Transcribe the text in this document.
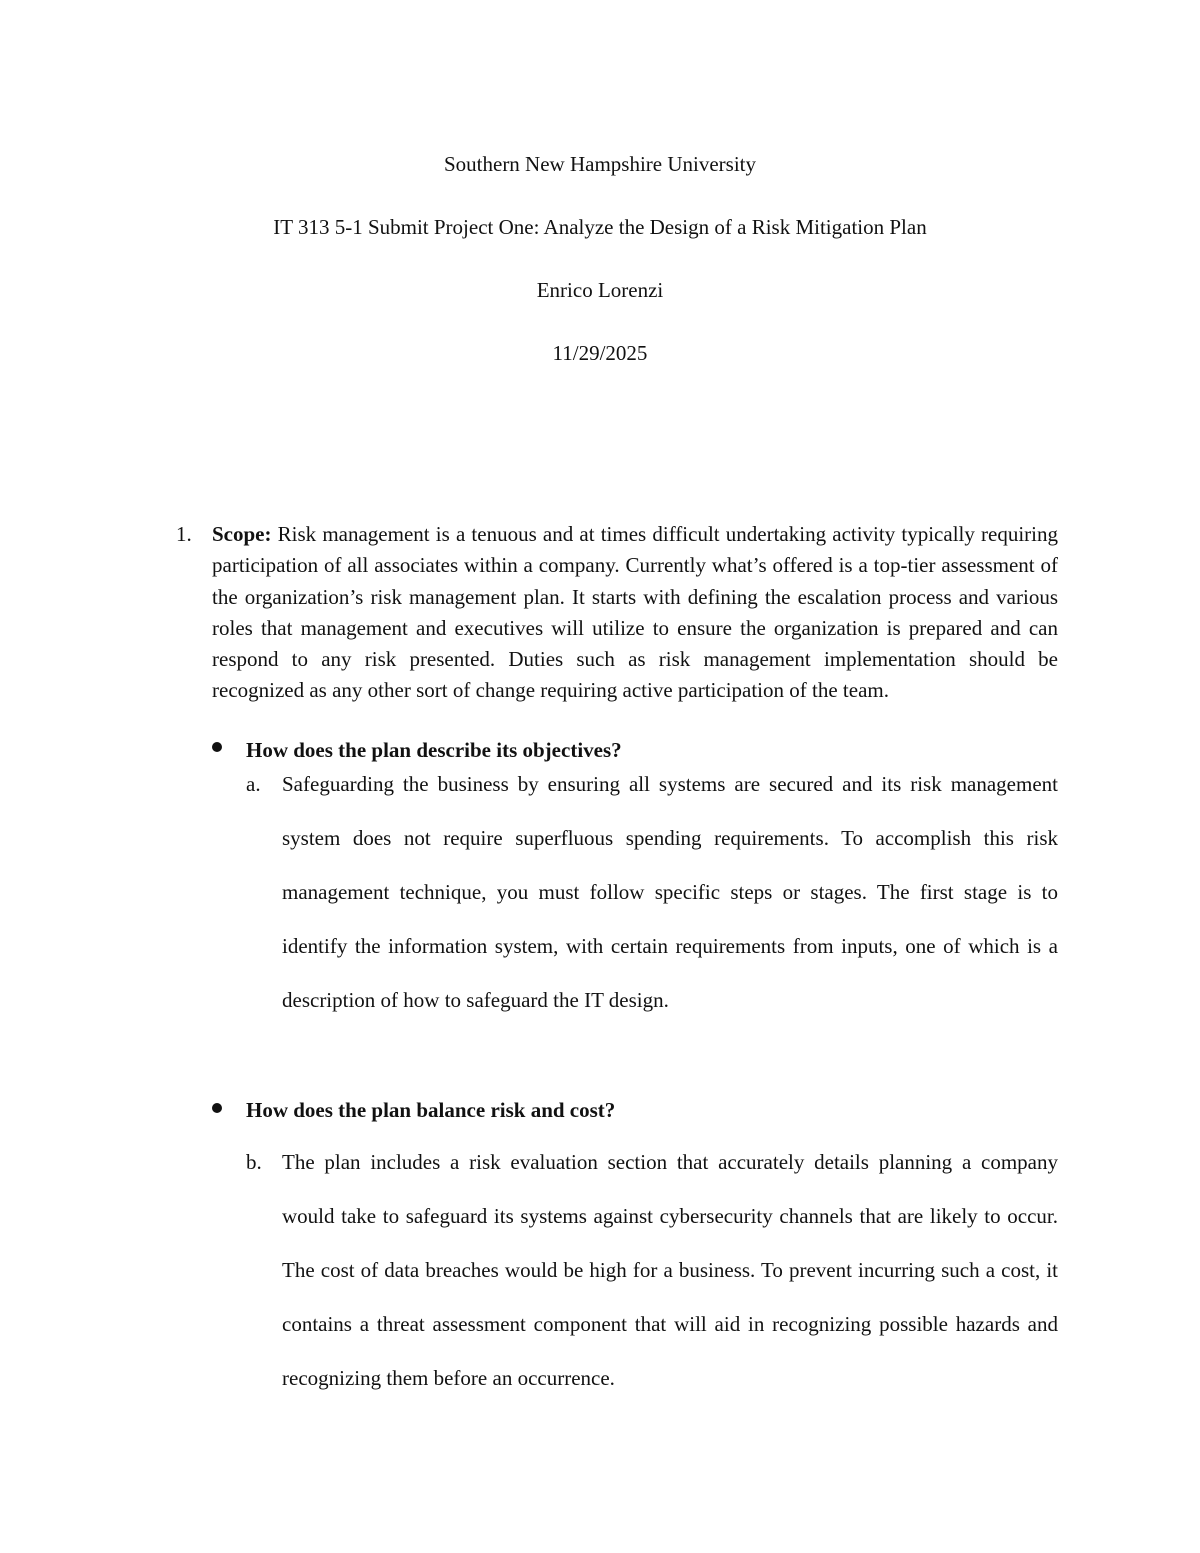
Southern New Hampshire University
IT 313 5-1 Submit Project One: Analyze the Design of a Risk Mitigation Plan
Enrico Lorenzi
11/29/2025
1. Scope: Risk management is a tenuous and at times difficult undertaking activity typically requiring participation of all associates within a company. Currently what’s offered is a top-tier assessment of the organization’s risk management plan. It starts with defining the escalation process and various roles that management and executives will utilize to ensure the organization is prepared and can respond to any risk presented. Duties such as risk management implementation should be recognized as any other sort of change requiring active participation of the team.
How does the plan describe its objectives?
a. Safeguarding the business by ensuring all systems are secured and its risk management system does not require superfluous spending requirements. To accomplish this risk management technique, you must follow specific steps or stages. The first stage is to identify the information system, with certain requirements from inputs, one of which is a description of how to safeguard the IT design.
How does the plan balance risk and cost?
b. The plan includes a risk evaluation section that accurately details planning a company would take to safeguard its systems against cybersecurity channels that are likely to occur. The cost of data breaches would be high for a business. To prevent incurring such a cost, it contains a threat assessment component that will aid in recognizing possible hazards and recognizing them before an occurrence.
